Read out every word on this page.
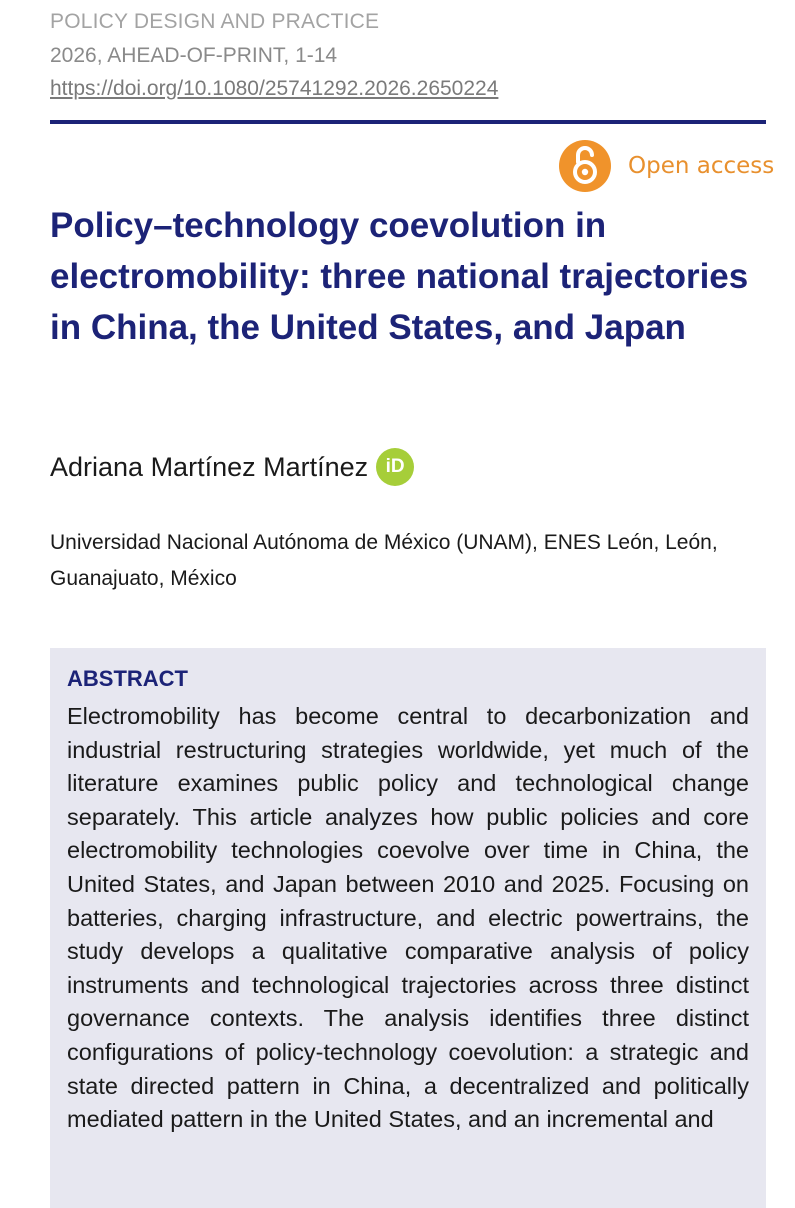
POLICY DESIGN AND PRACTICE
2026, AHEAD-OF-PRINT, 1-14
https://doi.org/10.1080/25741292.2026.2650224
Open access
Policy–technology coevolution in electromobility: three national trajectories in China, the United States, and Japan
Adriana Martínez Martínez iD
Universidad Nacional Autónoma de México (UNAM), ENES León, León, Guanajuato, México
ABSTRACT

Electromobility has become central to decarbonization and industrial restructuring strategies worldwide, yet much of the literature examines public policy and technological change separately. This article analyzes how public policies and core electromobility technologies coevolve over time in China, the United States, and Japan between 2010 and 2025. Focusing on batteries, charging infrastructure, and electric powertrains, the study develops a qualitative comparative analysis of policy instruments and technological trajectories across three distinct governance contexts. The analysis identifies three distinct configurations of policy-technology coevolution: a strategic and state directed pattern in China, a decentralized and politically mediated pattern in the United States, and an incremental and
